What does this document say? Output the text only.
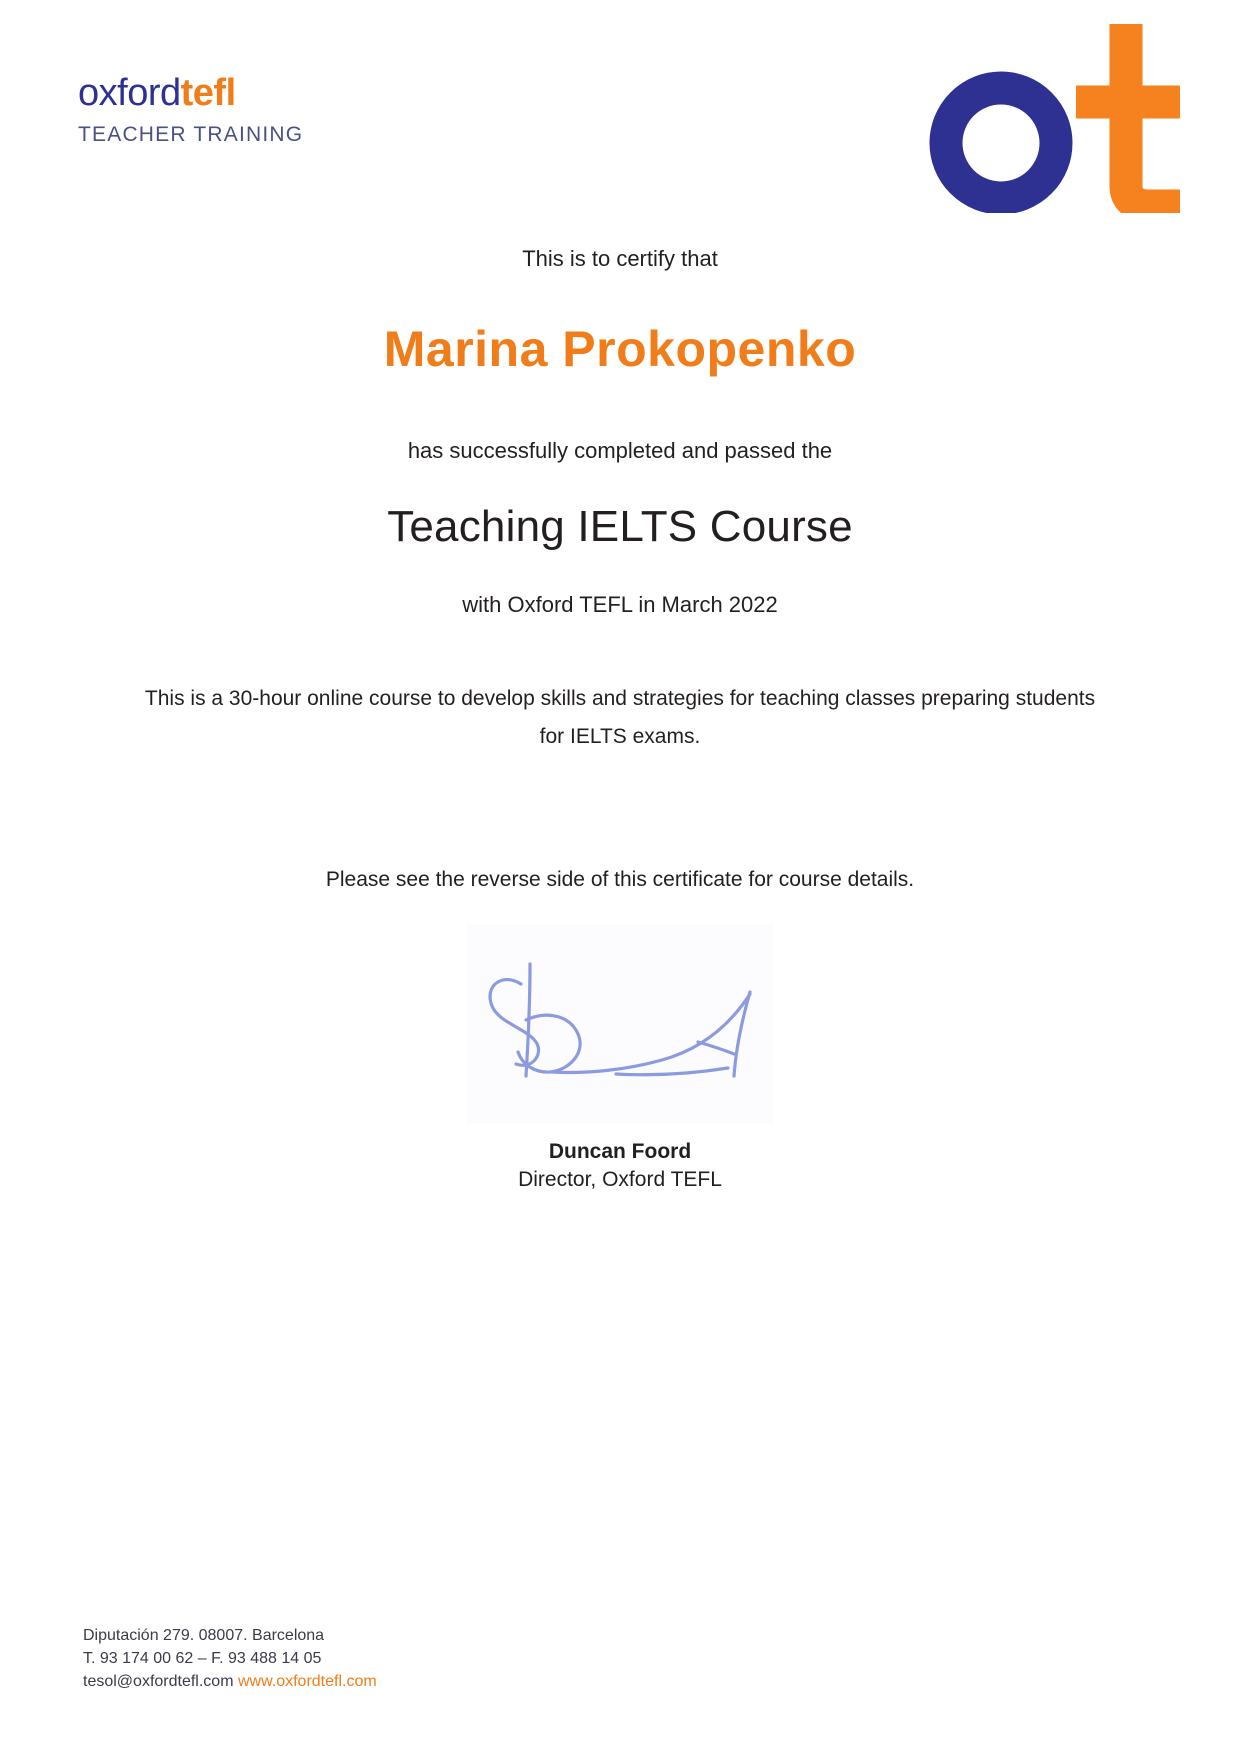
oxfordtefl
TEACHER TRAINING
This is to certify that
Marina Prokopenko
has successfully completed and passed the
Teaching IELTS Course
with Oxford TEFL in March 2022
This is a 30-hour online course to develop skills and strategies for teaching classes preparing students for IELTS exams.
Please see the reverse side of this certificate for course details.
Duncan Foord
Director, Oxford TEFL
Diputación 279. 08007. Barcelona
T. 93 174 00 62 – F. 93 488 14 05
tesol@oxfordtefl.com www.oxfordtefl.com
